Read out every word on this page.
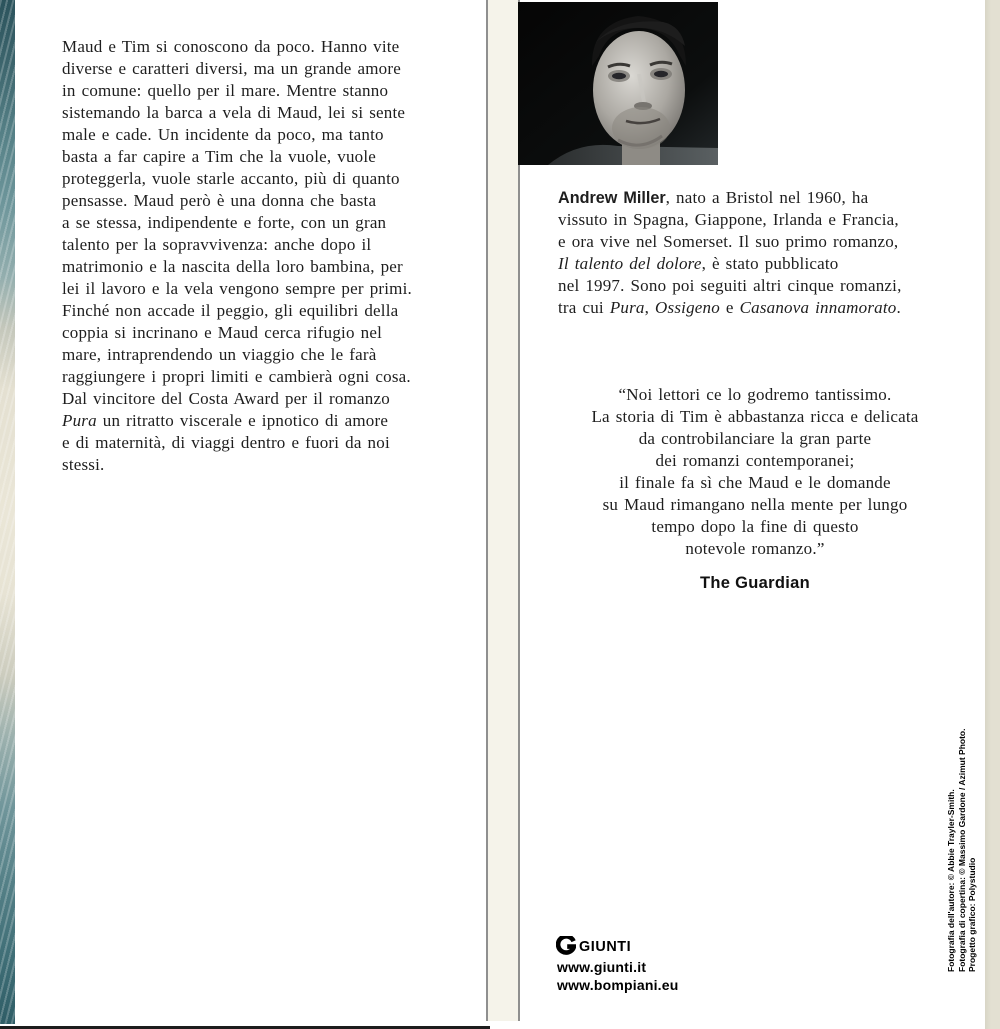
Maud e Tim si conoscono da poco. Hanno vite
diverse e caratteri diversi, ma un grande amore
in comune: quello per il mare. Mentre stanno
sistemando la barca a vela di Maud, lei si sente
male e cade. Un incidente da poco, ma tanto
basta a far capire a Tim che la vuole, vuole
proteggerla, vuole starle accanto, più di quanto
pensasse. Maud però è una donna che basta
a se stessa, indipendente e forte, con un gran
talento per la sopravvivenza: anche dopo il
matrimonio e la nascita della loro bambina, per
lei il lavoro e la vela vengono sempre per primi.
Finché non accade il peggio, gli equilibri della
coppia si incrinano e Maud cerca rifugio nel
mare, intraprendendo un viaggio che le farà
raggiungere i propri limiti e cambierà ogni cosa.
Dal vincitore del Costa Award per il romanzo
Pura un ritratto viscerale e ipnotico di amore
e di maternità, di viaggi dentro e fuori da noi
stessi.
Andrew Miller, nato a Bristol nel 1960, ha
vissuto in Spagna, Giappone, Irlanda e Francia,
e ora vive nel Somerset. Il suo primo romanzo,
Il talento del dolore, è stato pubblicato
nel 1997. Sono poi seguiti altri cinque romanzi,
tra cui Pura, Ossigeno e Casanova innamorato.
“Noi lettori ce lo godremo tantissimo.
La storia di Tim è abbastanza ricca e delicata
da controbilanciare la gran parte
dei romanzi contemporanei;
il finale fa sì che Maud e le domande
su Maud rimangano nella mente per lungo
tempo dopo la fine di questo
notevole romanzo.”
The Guardian
GIUNTI
www.giunti.it
www.bompiani.eu
Fotografia dell'autore: © Abbie Trayler-Smith. Fotografia di copertina: © Massimo Gardone / Azimut Photo. Progetto grafico: Polystudio
